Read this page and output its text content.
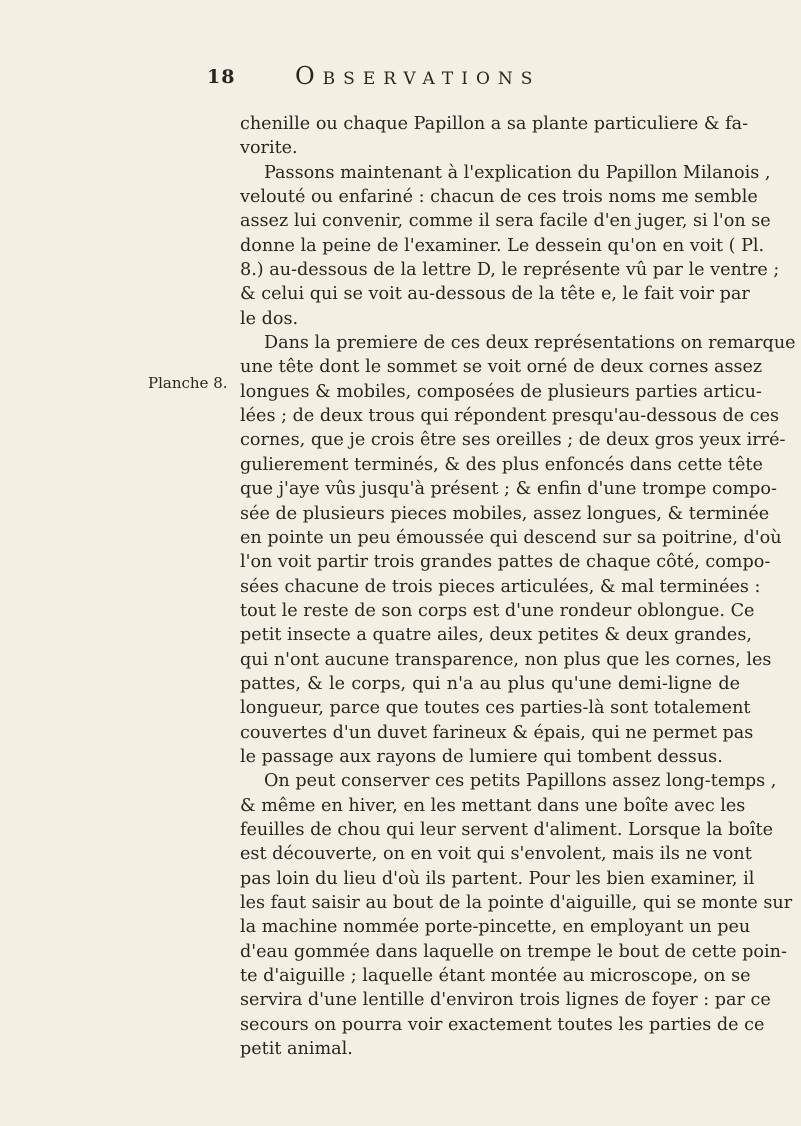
18 Observations
Planche 8.
chenille ou chaque Papillon a sa plante particuliere & fa-
vorite.
Passons maintenant à l'explication du Papillon Milanois ,
velouté ou enfariné : chacun de ces trois noms me semble
assez lui convenir, comme il sera facile d'en juger, si l'on se
donne la peine de l'examiner. Le dessein qu'on en voit ( Pl.
8.) au-dessous de la lettre D, le représente vû par le ventre ;
& celui qui se voit au-dessous de la tête e, le fait voir par
le dos.
Dans la premiere de ces deux représentations on remarque
une tête dont le sommet se voit orné de deux cornes assez
longues & mobiles, composées de plusieurs parties articu-
lées ; de deux trous qui répondent presqu'au-dessous de ces
cornes, que je crois être ses oreilles ; de deux gros yeux irré-
gulierement terminés, & des plus enfoncés dans cette tête
que j'aye vûs jusqu'à présent ; & enfin d'une trompe compo-
sée de plusieurs pieces mobiles, assez longues, & terminée
en pointe un peu émoussée qui descend sur sa poitrine, d'où
l'on voit partir trois grandes pattes de chaque côté, compo-
sées chacune de trois pieces articulées, & mal terminées :
tout le reste de son corps est d'une rondeur oblongue. Ce
petit insecte a quatre ailes, deux petites & deux grandes,
qui n'ont aucune transparence, non plus que les cornes, les
pattes, & le corps, qui n'a au plus qu'une demi-ligne de
longueur, parce que toutes ces parties-là sont totalement
couvertes d'un duvet farineux & épais, qui ne permet pas
le passage aux rayons de lumiere qui tombent dessus.
On peut conserver ces petits Papillons assez long-temps ,
& même en hiver, en les mettant dans une boîte avec les
feuilles de chou qui leur servent d'aliment. Lorsque la boîte
est découverte, on en voit qui s'envolent, mais ils ne vont
pas loin du lieu d'où ils partent. Pour les bien examiner, il
les faut saisir au bout de la pointe d'aiguille, qui se monte sur
la machine nommée porte-pincette, en employant un peu
d'eau gommée dans laquelle on trempe le bout de cette poin-
te d'aiguille ; laquelle étant montée au microscope, on se
servira d'une lentille d'environ trois lignes de foyer : par ce
secours on pourra voir exactement toutes les parties de ce
petit animal.
